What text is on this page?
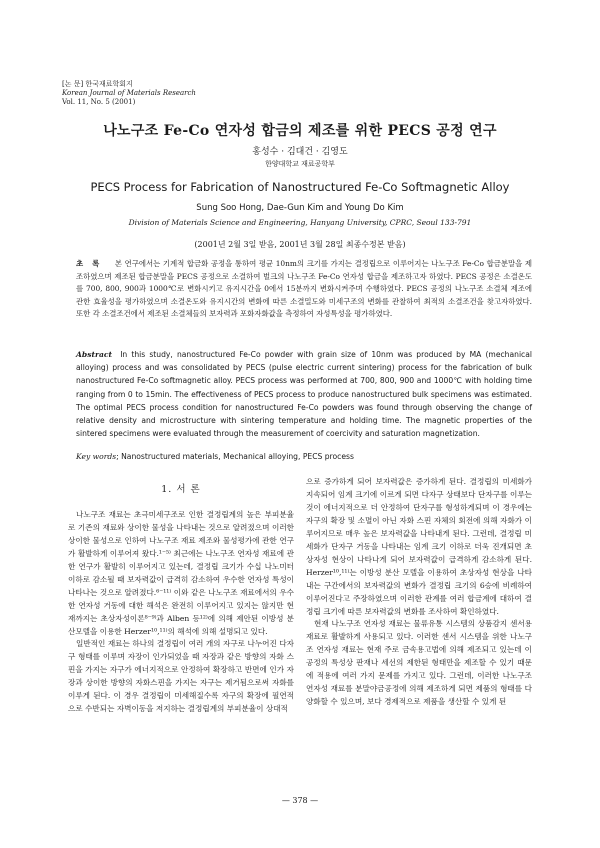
[논 문] 한국재료학회지
Korean Journal of Materials Research
Vol. 11, No. 5 (2001)
나노구조 Fe-Co 연자성 합금의 제조를 위한 PECS 공정 연구
홍성수 · 김대건 · 김영도
한양대학교 재료공학부
PECS Process for Fabrication of Nanostructured Fe-Co Softmagnetic Alloy
Sung Soo Hong, Dae-Gun Kim and Young Do Kim
Division of Materials Science and Engineering, Hanyang University, CPRC, Seoul 133-791
(2001년 2월 3일 받음, 2001년 3월 28일 최종수정본 받음)
초록 본 연구에서는 기계적 합금화 공정을 통하여 평균 10nm의 크기를 가지는 결정립으로 이루어지는 나노구조 Fe-Co 합금분말을 제조하였으며 제조된 합금분말을 PECS 공정으로 소결하여 벌크의 나노구조 Fe-Co 연자성 합금을 제조하고자 하였다. PECS 공정은 소결온도를 700, 800, 900과 1000℃로 변화시키고 유지시간을 0에서 15분까지 변화시켜주며 수행하였다. PECS 공정의 나노구조 소결체 제조에 관한 효율성을 평가하였으며 소결온도와 유지시간의 변화에 따른 소결밀도와 미세구조의 변화를 관찰하여 최적의 소결조건을 찾고자하였다. 또한 각 소결조건에서 제조된 소결체들의 보자력과 포화자화값을 측정하여 자성특성을 평가하였다.
Abstract In this study, nanostructured Fe-Co powder with grain size of 10nm was produced by MA (mechanical alloying) process and was consolidated by PECS (pulse electric current sintering) process for the fabrication of bulk nanostructured Fe-Co softmagnetic alloy. PECS process was performed at 700, 800, 900 and 1000℃ with holding time ranging from 0 to 15min. The effectiveness of PECS process to produce nanostructured bulk specimens was estimated. The optimal PECS process condition for nanostructured Fe-Co powders was found through observing the change of relative density and microstructure with sintering temperature and holding time. The magnetic properties of the sintered specimens were evaluated through the measurement of coercivity and saturation magnetization.
Key words; Nanostructured materials, Mechanical alloying, PECS process
1. 서 론

나노구조 재료는 초극미세구조로 인한 결정립계의 높은 부피분율로 기존의 재료와 상이한 물성을 나타내는 것으로 알려졌으며 이러한 상이한 물성으로 인하여 나노구조 재료 제조와 물성평가에 관한 연구가 활발하게 이루어져 왔다.¹⁻⁵⁾ 최근에는 나노구조 연자성 재료에 관한 연구가 활발히 이루어지고 있는데, 결정립 크기가 수십 나노미터 이하로 감소될 때 보자력값이 급격히 감소하여 우수한 연자성 특성이 나타나는 것으로 알려졌다.⁶⁻¹¹⁾ 이와 같은 나노구조 재료에서의 우수한 연자성 거동에 대한 해석은 완전히 이루어지고 있지는 않지만 현재까지는 초상자성이론⁸⁻⁹⁾과 Alben 등¹²⁾에 의해 제안된 이방성 분산모델을 이용한 Herzer¹⁰,¹¹⁾의 해석에 의해 설명되고 있다.

일반적인 재료는 하나의 결정립이 여러 개의 자구로 나누어진 다자구 형태를 이루며 자장이 인가되었을 때 자장과 같은 방향의 자화 스핀을 가지는 자구가 에너지적으로 안정하여 확장하고 반면에 인가 자장과 상이한 방향의 자화스핀을 가지는 자구는 제거됨으로써 자화를 이루게 된다. 이 경우 결정립이 미세해질수록 자구의 확장에 필연적으로 수반되는 자벽이동을 저지하는 결정립계의 부피분율이 상대적

으로 증가하게 되어 보자력값은 증가하게 된다. 결정립의 미세화가 지속되어 임계 크기에 이르게 되면 다자구 상태보다 단자구를 이루는 것이 에너지적으로 더 안정하여 단자구를 형성하게되며 이 경우에는 자구의 확장 및 소멸이 아닌 자화 스핀 자체의 회전에 의해 자화가 이루어지므로 매우 높은 보자력값을 나타내게 된다. 그런데, 결정립 미세화가 단자구 거동을 나타내는 임계 크기 이하로 더욱 진개되면 초상자성 현상이 나타나게 되어 보자력값이 급격하게 감소하게 된다. Herzer¹⁰,¹¹⁾는 이방성 분산 모델을 이용하여 초상자성 현상을 나타내는 구간에서의 보자력값의 변화가 결정립 크기의 6승에 비례하여 이루어진다고 주장하였으며 이러한 관계를 여러 합금계에 대하여 결정립 크기에 따른 보자력값의 변화를 조사하여 확인하였다.

현재 나노구조 연자성 재료는 물류유통 시스템의 상품감지 센서용 재료로 활발하게 사용되고 있다. 이러한 센서 시스템을 위한 나노구조 연자성 재료는 현재 주로 금속용고법에 의해 제조되고 있는데 이 공정의 특성상 판재나 세선의 제한된 형태만을 제조할 수 있기 때문에 적용에 여러 가지 문제를 가지고 있다. 그런데, 이러한 나노구조 연자성 재료를 분말야금공정에 의해 제조하게 되면 제품의 형태를 다양화할 수 있으며, 보다 경제적으로 제품을 생산할 수 있게 된

— 378 —
